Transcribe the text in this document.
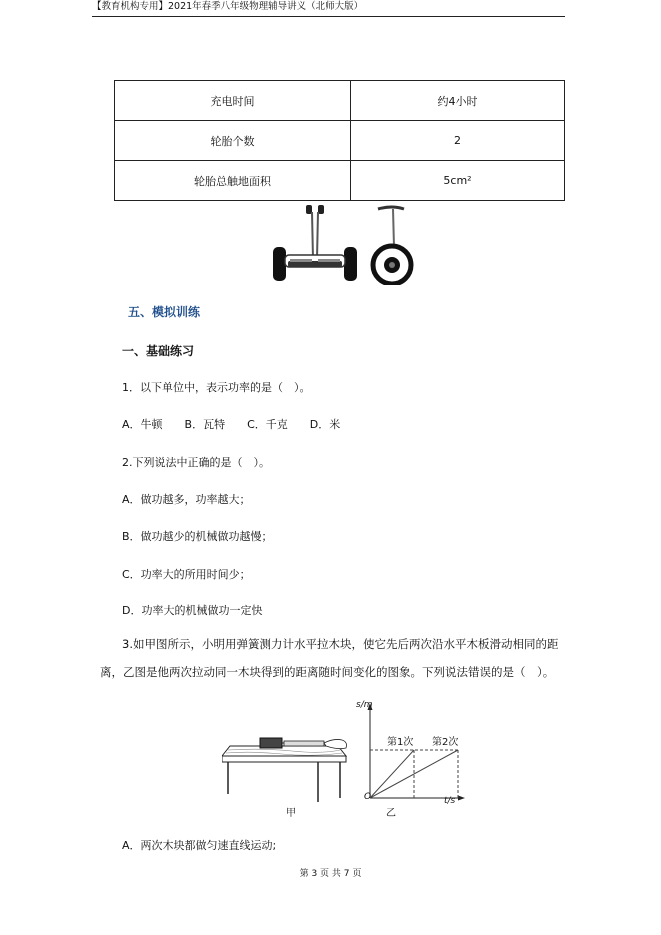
【教育机构专用】2021年春季八年级物理辅导讲义（北师大版）
充电时间	约4小时
轮胎个数	2
轮胎总触地面积	5cm²
五、模拟训练
一、基础练习
1．以下单位中，表示功率的是（　）。
A．牛顿　　B．瓦特　　C．千克　　D．米
2.下列说法中正确的是（　）。
A．做功越多，功率越大；
B．做功越少的机械做功越慢；
C．功率大的所用时间少；
D．功率大的机械做功一定快
3.如甲图所示，小明用弹簧测力计水平拉木块，使它先后两次沿水平木板滑动相同的距
离，乙图是他两次拉动同一木块得到的距离随时间变化的图象。下列说法错误的是（　）。
甲
s/m
t/s
O
第1次 第2次
乙
A．两次木块都做匀速直线运动;
第 3 页 共 7 页
